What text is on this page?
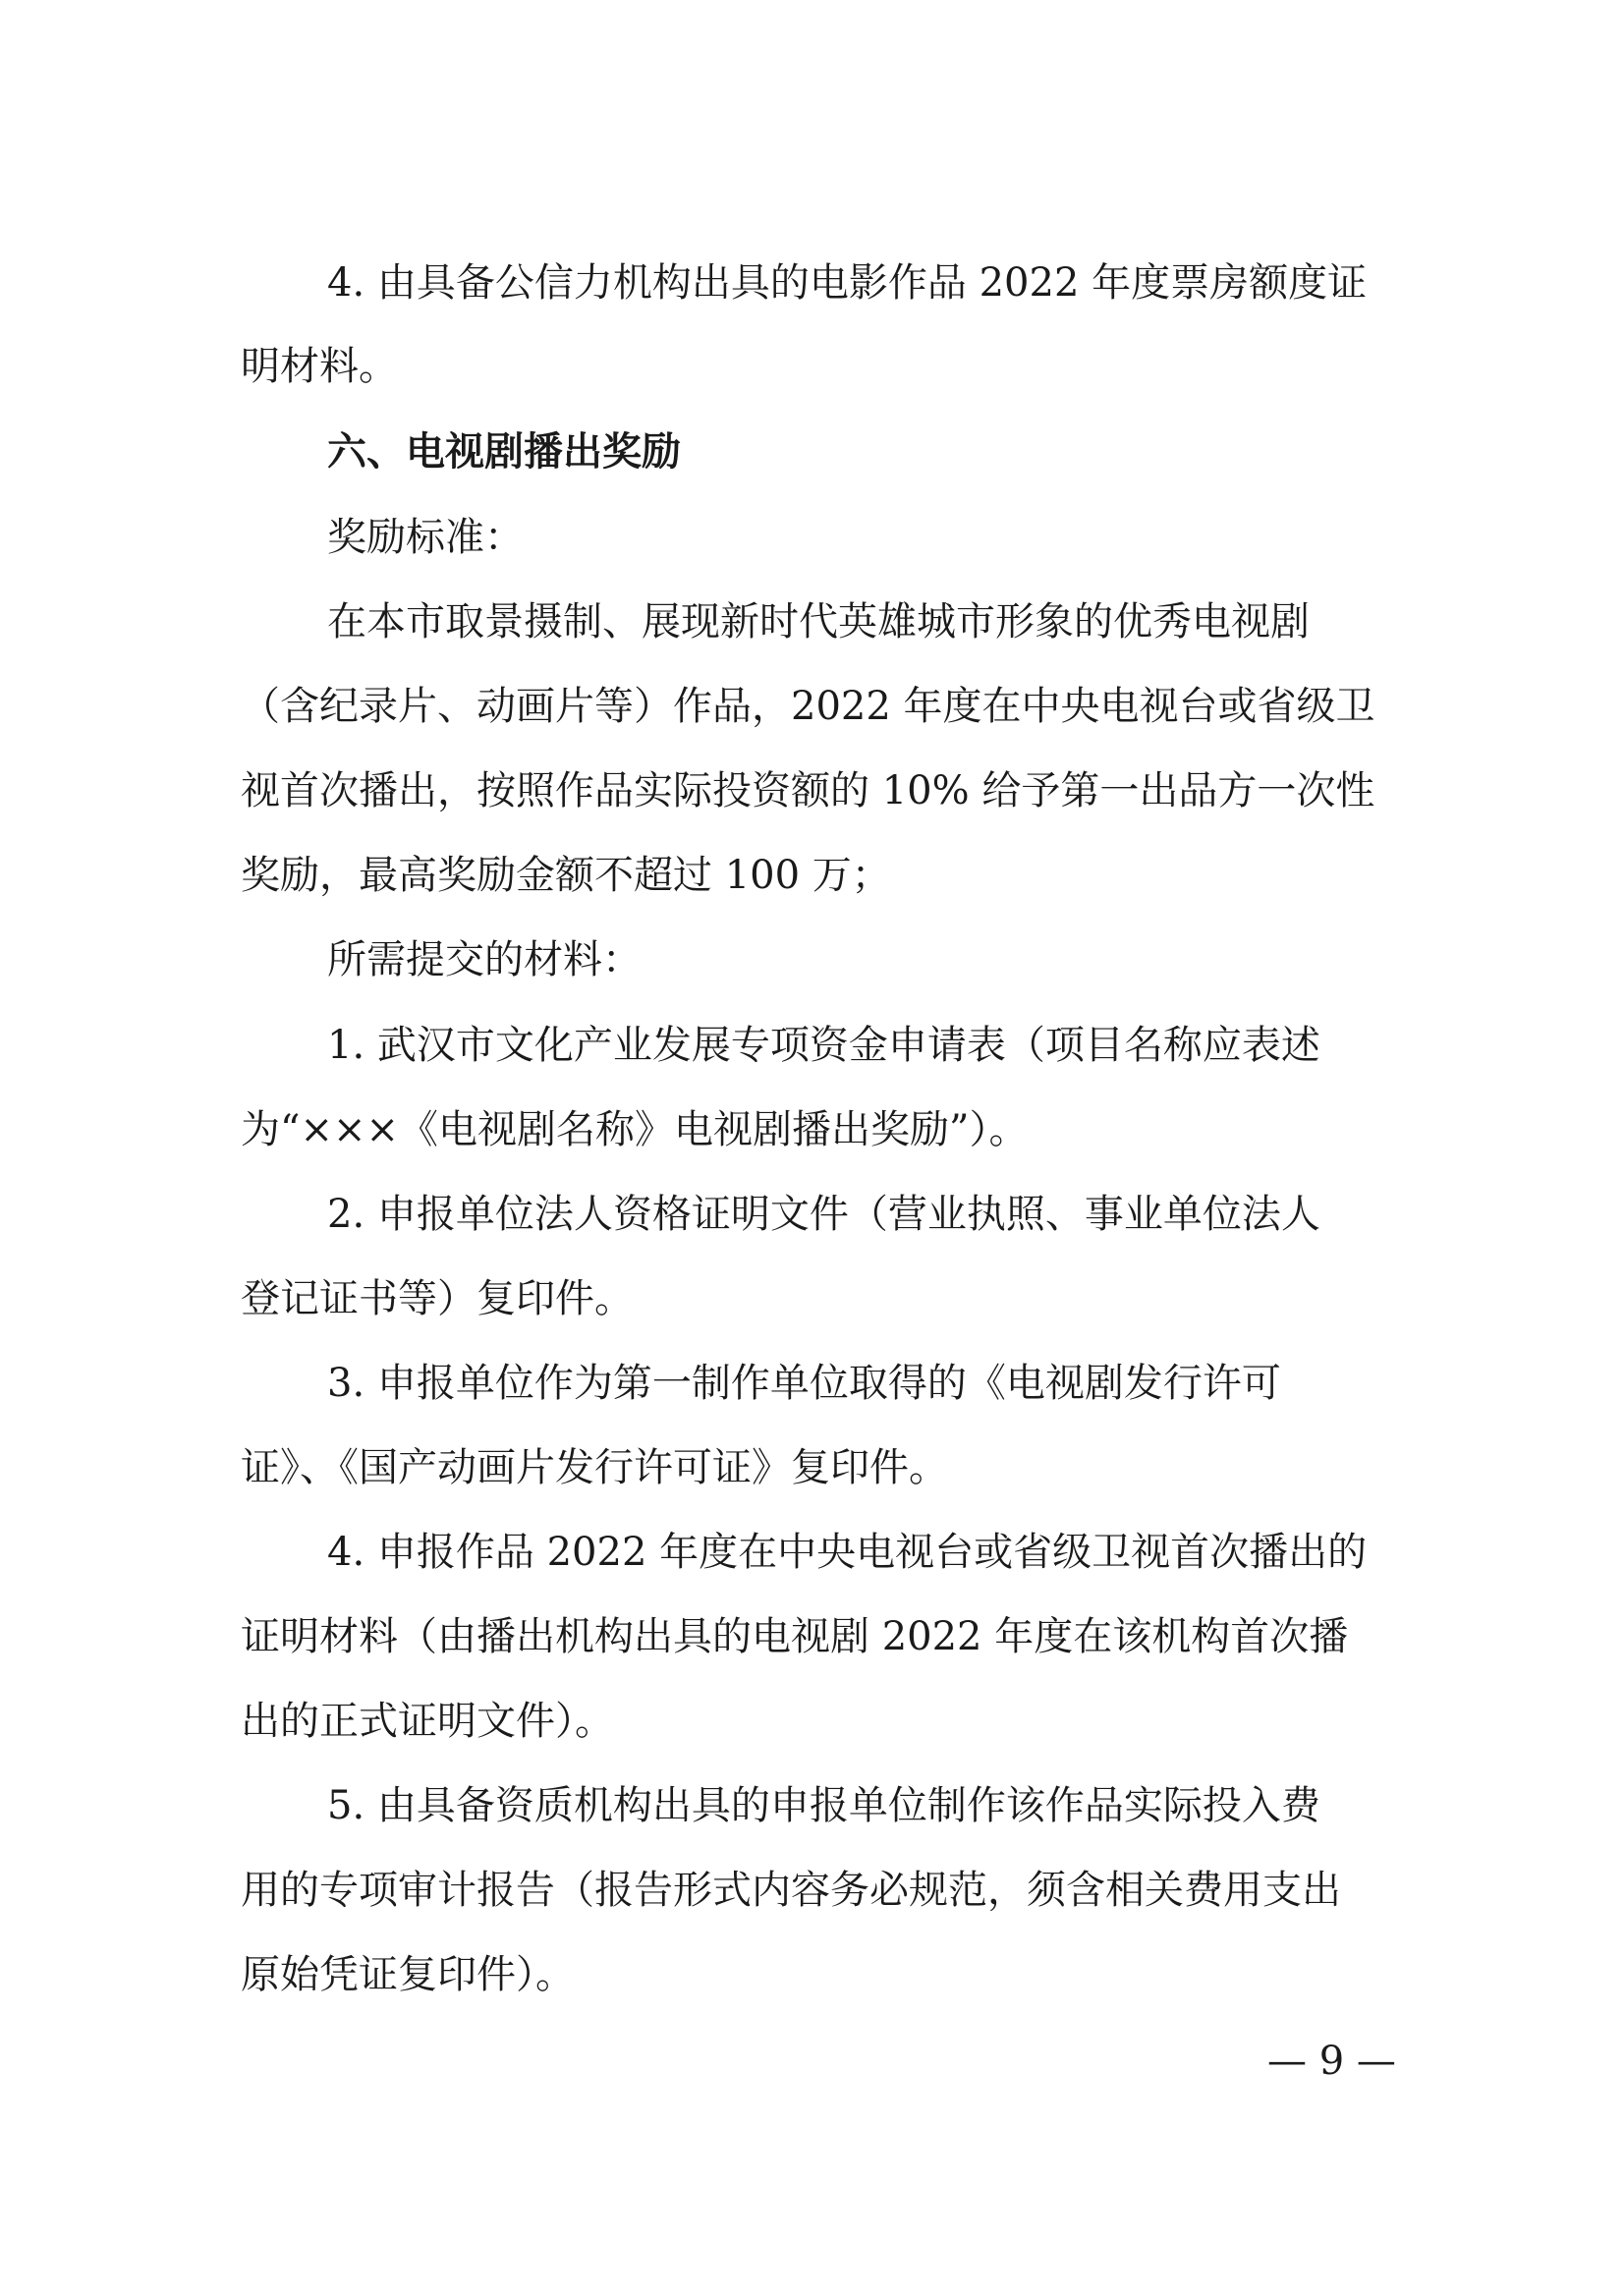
4. 由具备公信力机构出具的电影作品 2022 年度票房额度证
明材料。
六、电视剧播出奖励
奖励标准：
在本市取景摄制、展现新时代英雄城市形象的优秀电视剧
（含纪录片、动画片等）作品，2022 年度在中央电视台或省级卫
视首次播出，按照作品实际投资额的 10% 给予第一出品方一次性
奖励，最高奖励金额不超过 100 万；
所需提交的材料：
1. 武汉市文化产业发展专项资金申请表（项目名称应表述
为“×××《电视剧名称》电视剧播出奖励”）。
2. 申报单位法人资格证明文件（营业执照、事业单位法人
登记证书等）复印件。
3. 申报单位作为第一制作单位取得的《电视剧发行许可
证》、《国产动画片发行许可证》复印件。
4. 申报作品 2022 年度在中央电视台或省级卫视首次播出的
证明材料（由播出机构出具的电视剧 2022 年度在该机构首次播
出的正式证明文件）。
5. 由具备资质机构出具的申报单位制作该作品实际投入费
用的专项审计报告（报告形式内容务必规范，须含相关费用支出
原始凭证复印件）。
— 9 —
